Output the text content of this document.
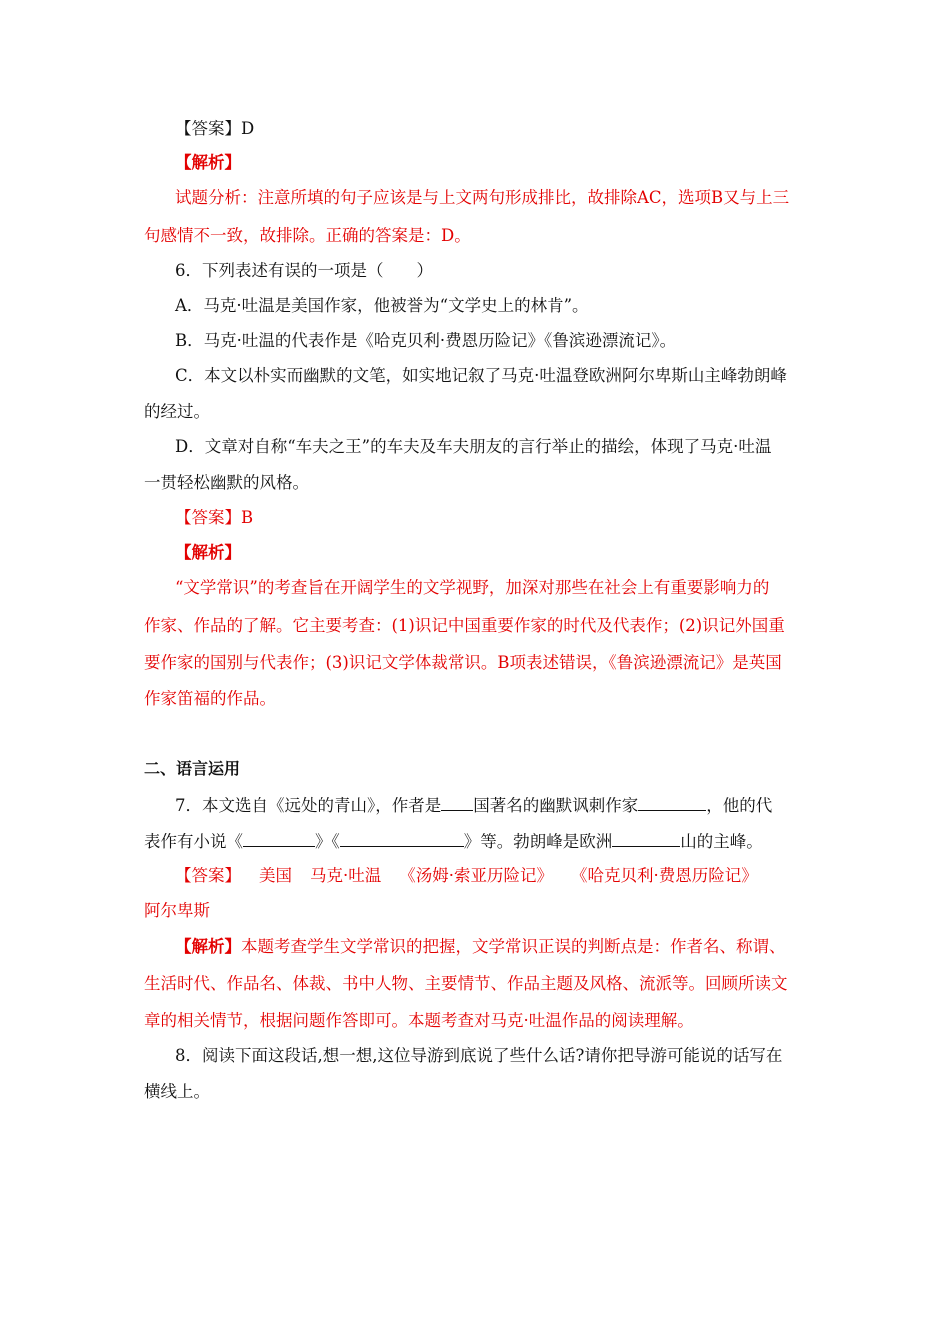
【答案】D
【解析】
试题分析：注意所填的句子应该是与上文两句形成排比，故排除AC，选项B又与上三
句感情不一致，故排除。正确的答案是：D。
6．下列表述有误的一项是（　　）
A．马克·吐温是美国作家，他被誉为“文学史上的林肯”。
B．马克·吐温的代表作是《哈克贝利·费恩历险记》《鲁滨逊漂流记》。
C．本文以朴实而幽默的文笔，如实地记叙了马克·吐温登欧洲阿尔卑斯山主峰勃朗峰
的经过。
D．文章对自称“车夫之王”的车夫及车夫朋友的言行举止的描绘，体现了马克·吐温
一贯轻松幽默的风格。
【答案】B
【解析】
“文学常识”的考查旨在开阔学生的文学视野，加深对那些在社会上有重要影响力的
作家、作品的了解。它主要考查：(1)识记中国重要作家的时代及代表作；(2)识记外国重
要作家的国别与代表作；(3)识记文学体裁常识。B项表述错误，《鲁滨逊漂流记》是英国
作家笛福的作品。
二、语言运用
7．本文选自《远处的青山》，作者是 国著名的幽默讽刺作家	，他的代
表作有小说《	》《	》等。勃朗峰是欧洲	山的主峰。
【答案】 美国 马克·吐温 《汤姆·索亚历险记》 《哈克贝利·费恩历险记》
阿尔卑斯
【解析】本题考查学生文学常识的把握，文学常识正误的判断点是：作者名、称谓、
生活时代、作品名、体裁、书中人物、主要情节、作品主题及风格、流派等。回顾所读文
章的相关情节，根据问题作答即可。本题考查对马克·吐温作品的阅读理解。
8．阅读下面这段话,想一想,这位导游到底说了些什么话?请你把导游可能说的话写在
横线上。
